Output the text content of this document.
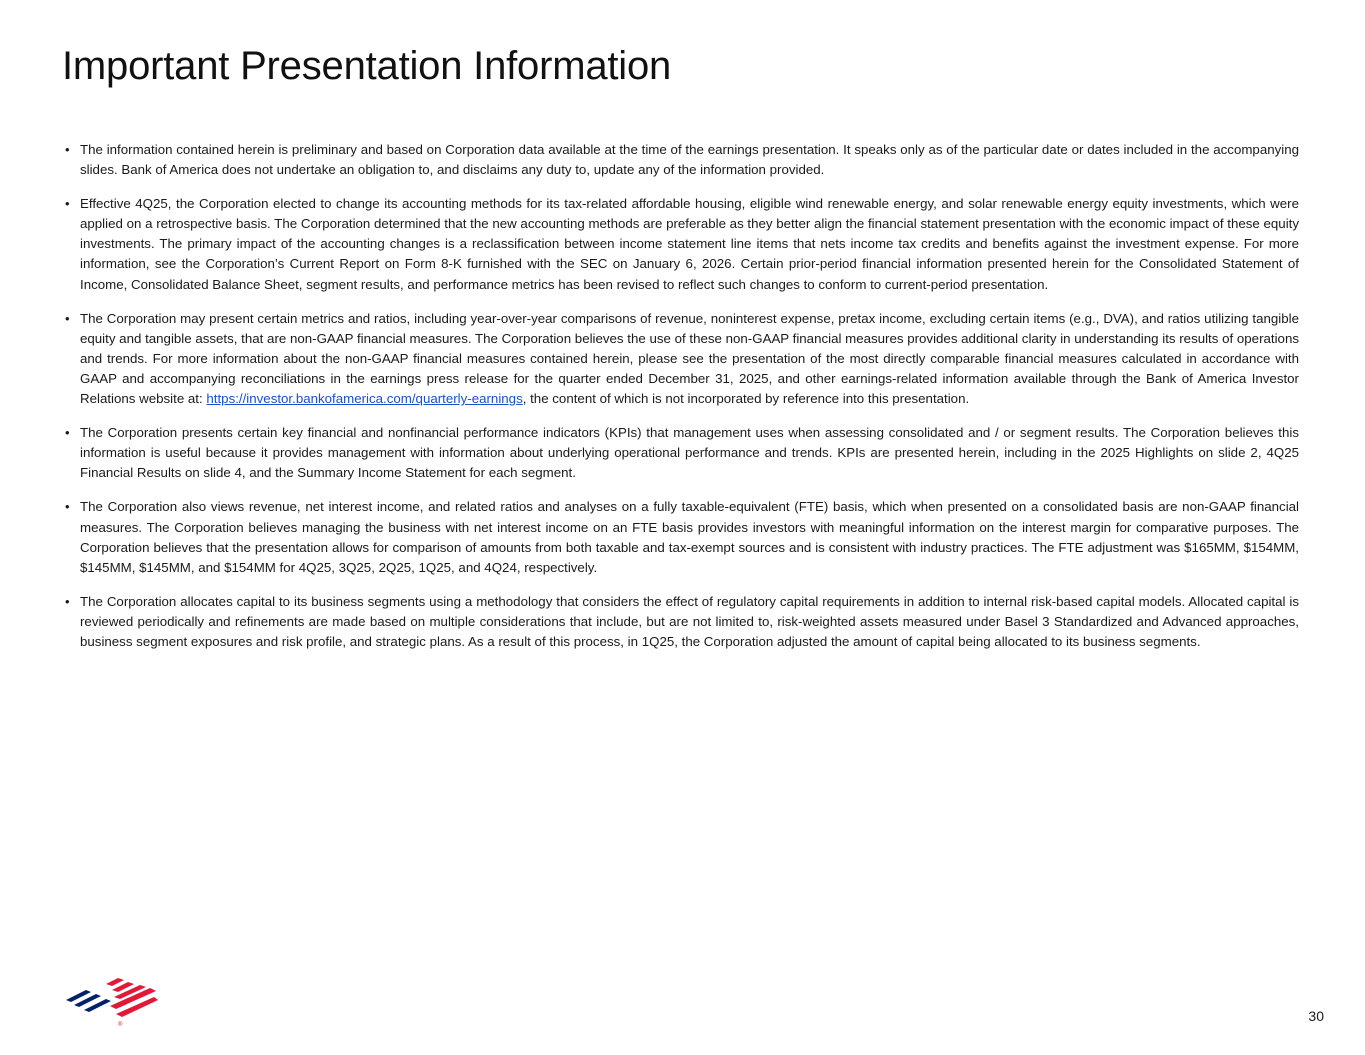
Important Presentation Information
• The information contained herein is preliminary and based on Corporation data available at the time of the earnings presentation. It speaks only as of the particular date or dates included in the accompanying slides. Bank of America does not undertake an obligation to, and disclaims any duty to, update any of the information provided.
• Effective 4Q25, the Corporation elected to change its accounting methods for its tax-related affordable housing, eligible wind renewable energy, and solar renewable energy equity investments, which were applied on a retrospective basis. The Corporation determined that the new accounting methods are preferable as they better align the financial statement presentation with the economic impact of these equity investments. The primary impact of the accounting changes is a reclassification between income statement line items that nets income tax credits and benefits against the investment expense. For more information, see the Corporation’s Current Report on Form 8-K furnished with the SEC on January 6, 2026. Certain prior-period financial information presented herein for the Consolidated Statement of Income, Consolidated Balance Sheet, segment results, and performance metrics has been revised to reflect such changes to conform to current-period presentation.
• The Corporation may present certain metrics and ratios, including year-over-year comparisons of revenue, noninterest expense, pretax income, excluding certain items (e.g., DVA), and ratios utilizing tangible equity and tangible assets, that are non-GAAP financial measures. The Corporation believes the use of these non-GAAP financial measures provides additional clarity in understanding its results of operations and trends. For more information about the non-GAAP financial measures contained herein, please see the presentation of the most directly comparable financial measures calculated in accordance with GAAP and accompanying reconciliations in the earnings press release for the quarter ended December 31, 2025, and other earnings-related information available through the Bank of America Investor Relations website at: https://investor.bankofamerica.com/quarterly-earnings, the content of which is not incorporated by reference into this presentation.
• The Corporation presents certain key financial and nonfinancial performance indicators (KPIs) that management uses when assessing consolidated and / or segment results. The Corporation believes this information is useful because it provides management with information about underlying operational performance and trends. KPIs are presented herein, including in the 2025 Highlights on slide 2, 4Q25 Financial Results on slide 4, and the Summary Income Statement for each segment.
• The Corporation also views revenue, net interest income, and related ratios and analyses on a fully taxable-equivalent (FTE) basis, which when presented on a consolidated basis are non-GAAP financial measures. The Corporation believes managing the business with net interest income on an FTE basis provides investors with meaningful information on the interest margin for comparative purposes. The Corporation believes that the presentation allows for comparison of amounts from both taxable and tax-exempt sources and is consistent with industry practices. The FTE adjustment was $165MM, $154MM, $145MM, $145MM, and $154MM for 4Q25, 3Q25, 2Q25, 1Q25, and 4Q24, respectively.
• The Corporation allocates capital to its business segments using a methodology that considers the effect of regulatory capital requirements in addition to internal risk-based capital models. Allocated capital is reviewed periodically and refinements are made based on multiple considerations that include, but are not limited to, risk-weighted assets measured under Basel 3 Standardized and Advanced approaches, business segment exposures and risk profile, and strategic plans. As a result of this process, in 1Q25, the Corporation adjusted the amount of capital being allocated to its business segments.
®
30
